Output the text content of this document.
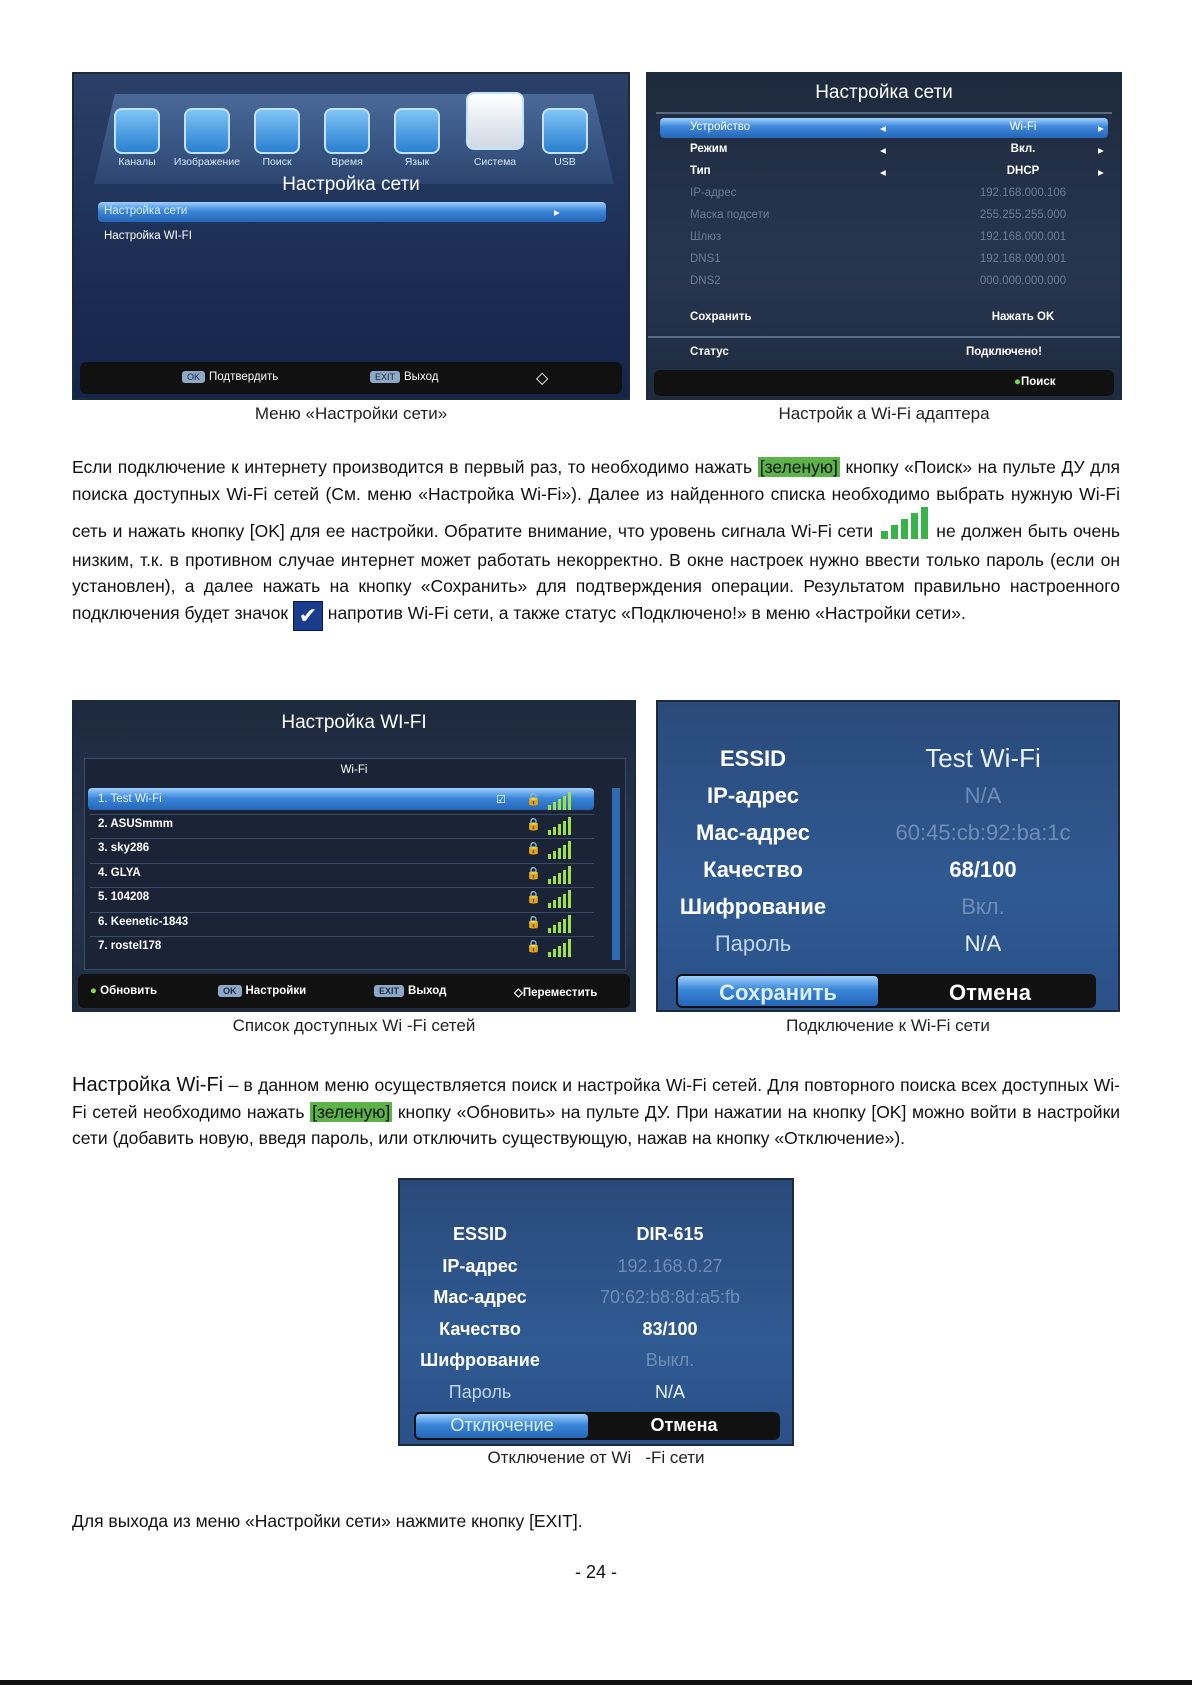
Каналы	Изображение	Поиск	Время	Язык	Система	USB
Настройка сети
Настройка сети	▸
Настройка WI-FI
OK Подтвердить	EXIT Выход	◇
Меню «Настройки сети»
Настройка сети
Статус	Подключено!
●Поиск
Устройство	Wi-Fi
◂	▸
Режим	Вкл.
◂	▸
Тип	DHCP
◂	▸
IP-адрес	192.168.000.106
Маска подсети	255.255.255.000
Шлюз	192.168.000.001
DNS1	192.168.000.001
DNS2	000.000.000.000
Сохранить	Нажать OK
Настройк а Wi-Fi адаптера
Если подключение к интернету производится в первый раз, то необходимо нажать [зеленую] кнопку «Поиск» на пульте ДУ для поиска доступных Wi-Fi сетей (См. меню «Настройка Wi-Fi»). Далее из найденного списка необходимо выбрать нужную Wi-Fi сеть и нажать кнопку [OK] для ее настройки. Обратите внимание, что уровень сигнала Wi-Fi сети	не должен быть очень низким, т.к. в противном случае интернет может работать некорректно. В окне настроек нужно ввести только пароль (если он установлен), а далее нажать на кнопку «Сохранить» для подтверждения операции. Результатом правильно настроенного подключения будет значок ✔ напротив Wi-Fi сети, а также статус «Подключено!» в меню «Настройки сети».
Настройка WI-FI
Wi-Fi
● Обновить	OK Настройки	EXIT Выход	◇Переместить
1. Test Wi-Fi	☑ 🔒
2. ASUSmmm	🔒
3. sky286	🔒
4. GLYA	🔒
5. 104208	🔒
6. Keenetic-1843	🔒
7. rostel178	🔒
Список доступных Wi -Fi сетей
Сохранить	Отмена
ESSID	Test Wi-Fi
IP-адрес	N/A
Mac-адрес	60:45:cb:92:ba:1c
Качество	68/100
Шифрование	Вкл.
Пароль	N/A
Подключение к Wi-Fi сети
Настройка Wi-Fi – в данном меню осуществляется поиск и настройка Wi-Fi сетей. Для повторного поиска всех доступных Wi-Fi сетей необходимо нажать [зеленую] кнопку «Обновить» на пульте ДУ. При нажатии на кнопку [OK] можно войти в настройки сети (добавить новую, введя пароль, или отключить существующую, нажав на кнопку «Отключение»).
Отключение	Отмена
ESSID	DIR-615
IP-адрес	192.168.0.27
Mac-адрес	70:62:b8:8d:a5:fb
Качество	83/100
Шифрование	Выкл.
Пароль	N/A
Отключение от Wi   -Fi сети
Для выхода из меню «Настройки сети» нажмите кнопку [EXIT].
- 24 -
